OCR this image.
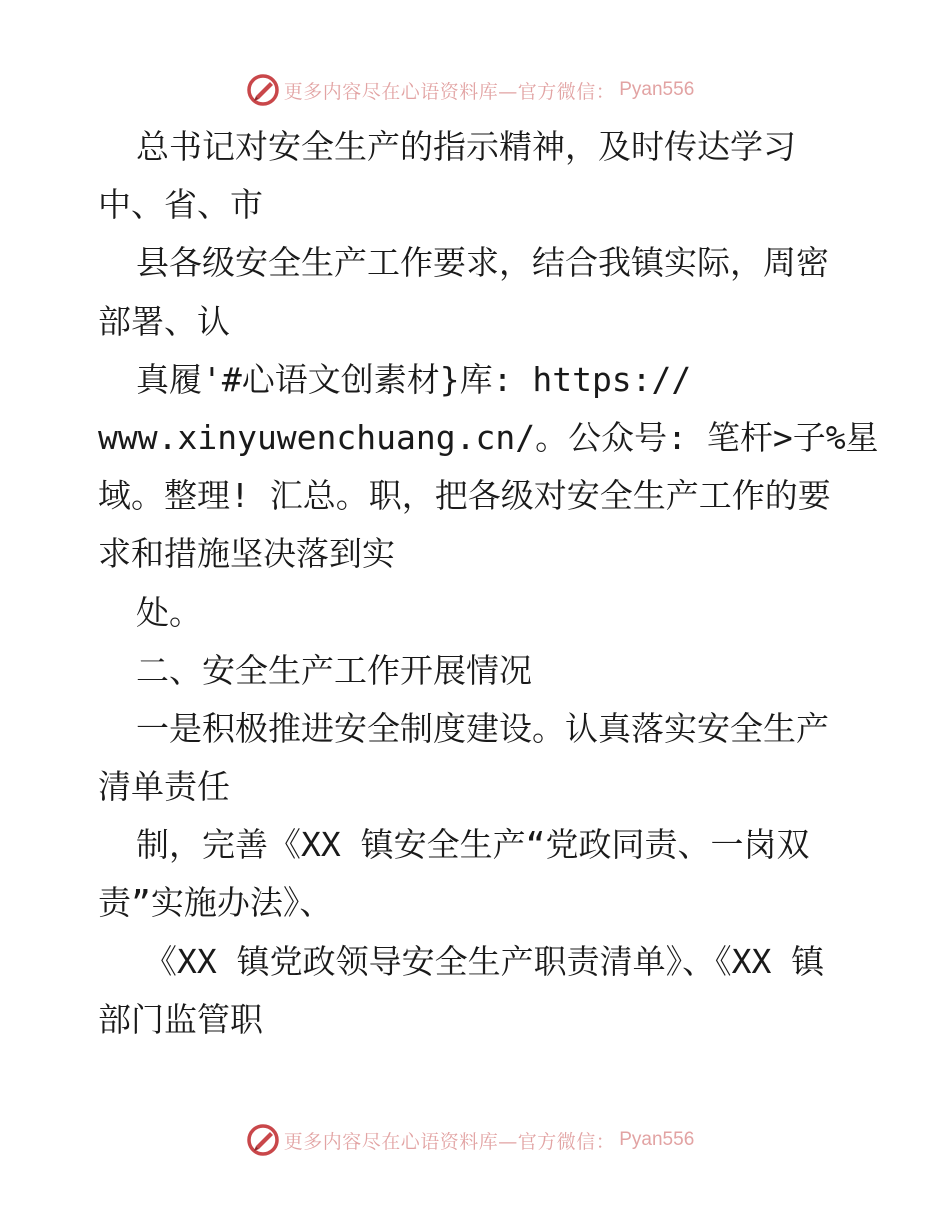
更多内容尽在心语资料库—官方微信： Pyan556
总书记对安全生产的指示精神，及时传达学习
中、省、市
县各级安全生产工作要求，结合我镇实际，周密
部署、认
真履'#心语文创素材}库: https://
www.xinyuwenchuang.cn/。公众号: 笔杆>子%星
域。整理! 汇总。职，把各级对安全生产工作的要
求和措施坚决落到实
处。
二、安全生产工作开展情况
一是积极推进安全制度建设。认真落实安全生产
清单责任
制，完善《XX 镇安全生产“党政同责、一岗双
责”实施办法》、
《XX 镇党政领导安全生产职责清单》、《XX 镇
部门监管职
更多内容尽在心语资料库—官方微信： Pyan556
